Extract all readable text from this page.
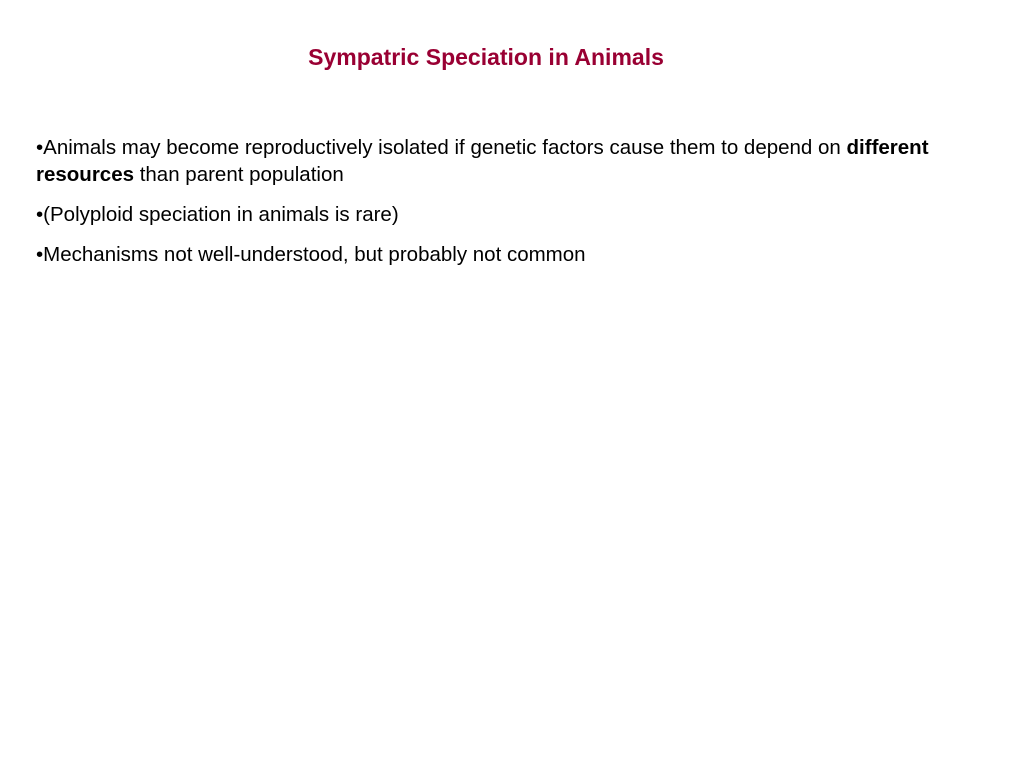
Sympatric Speciation in Animals
•Animals may become reproductively isolated if genetic factors cause them to depend on different resources than parent population
•(Polyploid speciation in animals is rare)
•Mechanisms not well-understood, but probably not common
